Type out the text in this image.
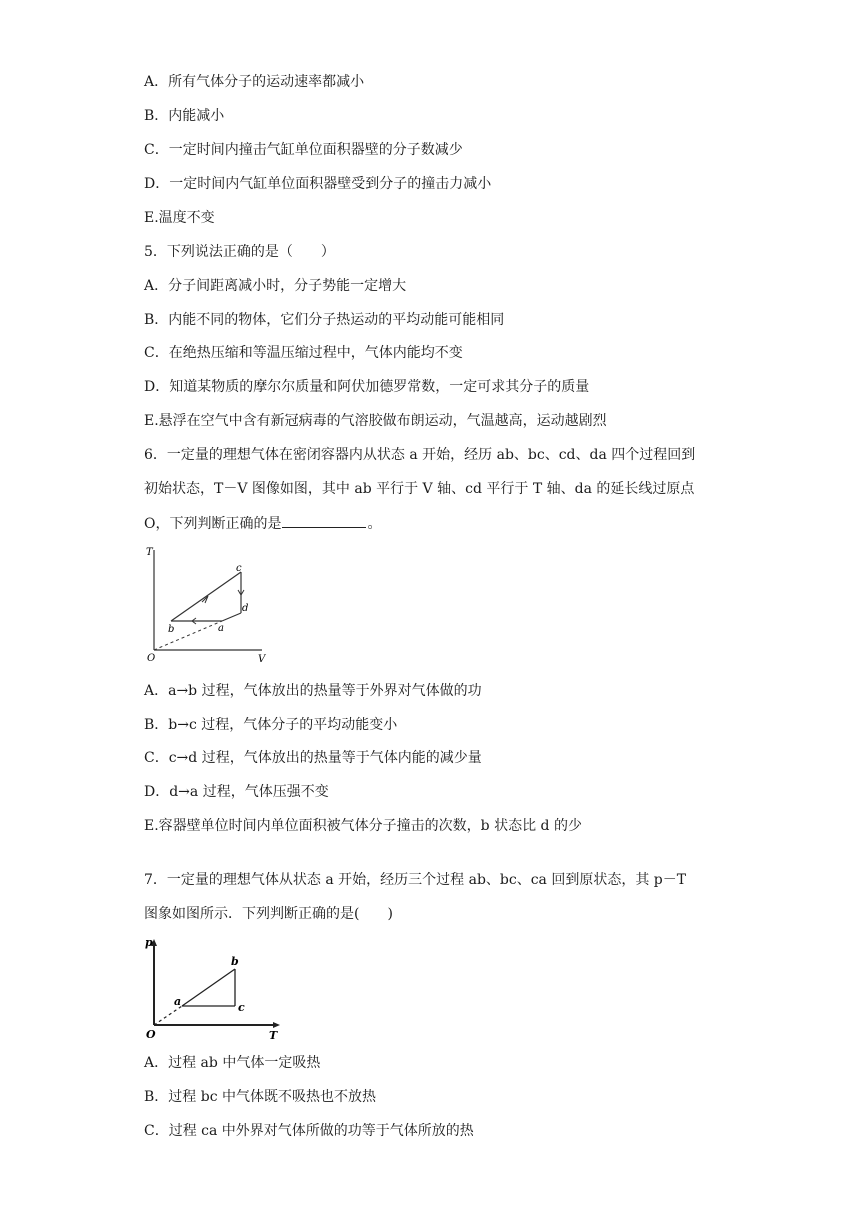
A．所有气体分子的运动速率都减小
B．内能减小
C．一定时间内撞击气缸单位面积器壁的分子数减少
D．一定时间内气缸单位面积器壁受到分子的撞击力减小
E.温度不变
5．下列说法正确的是（　　）
A．分子间距离减小时，分子势能一定增大
B．内能不同的物体，它们分子热运动的平均动能可能相同
C．在绝热压缩和等温压缩过程中，气体内能均不变
D．知道某物质的摩尔尔质量和阿伏加德罗常数，一定可求其分子的质量
E.悬浮在空气中含有新冠病毒的气溶胶做布朗运动，气温越高，运动越剧烈
6．一定量的理想气体在密闭容器内从状态 a 开始，经历 ab、bc、cd、da 四个过程回到
初始状态，T－V 图像如图，其中 ab 平行于 V 轴、cd 平行于 T 轴、da 的延长线过原点
O，下列判断正确的是	。
T
V
O
a
b
c
d
A．a→b 过程，气体放出的热量等于外界对气体做的功
B．b→c 过程，气体分子的平均动能变小
C．c→d 过程，气体放出的热量等于气体内能的减少量
D．d→a 过程，气体压强不变
E.容器壁单位时间内单位面积被气体分子撞击的次数，b 状态比 d 的少
7．一定量的理想气体从状态 a 开始，经历三个过程 ab、bc、ca 回到原状态，其 p－T
图象如图所示．下列判断正确的是(　　)
p
T
O
a
b
c
A．过程 ab 中气体一定吸热
B．过程 bc 中气体既不吸热也不放热
C．过程 ca 中外界对气体所做的功等于气体所放的热
